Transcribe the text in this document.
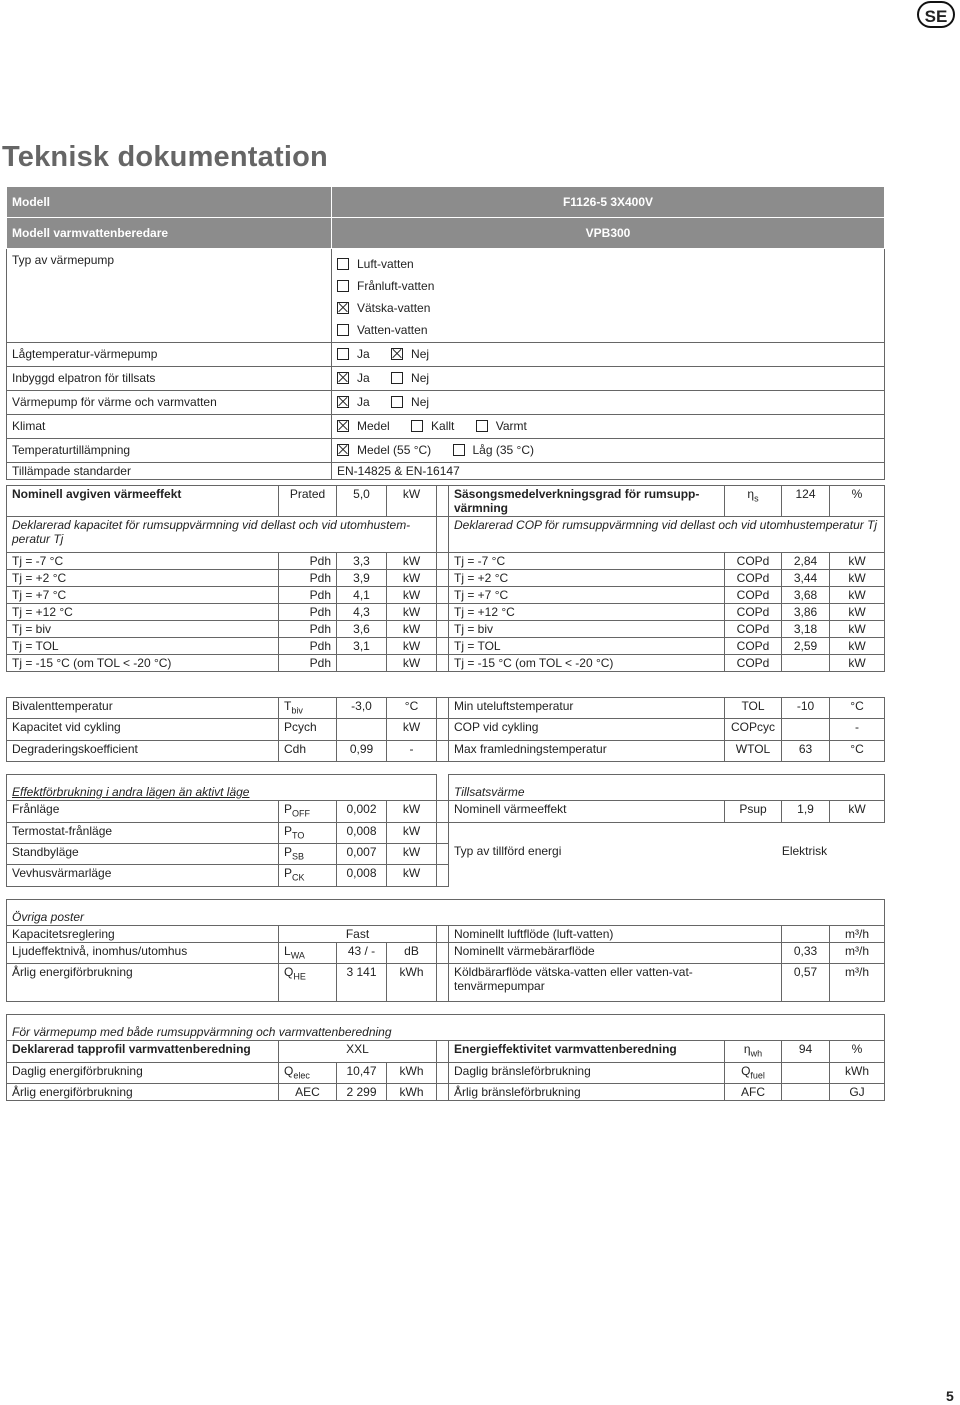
SE
Teknisk dokumentation
Modell	F1126-5 3X400V
Modell varmvattenberedare	VPB300
Typ av värmepump	Luft-vatten
Frånluft-vatten
Vätska-vatten
Vatten-vatten

Lågtemperatur-värmepump	Ja Nej
Inbyggd elpatron för tillsats	Ja Nej
Värmepump för värme och varmvatten	Ja Nej
Klimat	Medel Kallt Varmt
Temperaturtillämpning	Medel (55 °C) Låg (35 °C)
Tillämpade standarder	EN-14825 & EN-16147
Nominell avgiven värmeeffekt	Prated	5,0	kW		Säsongsmedelverkningsgrad för rumsupp-värmning	$\eta_s$	124	%
Deklarerad kapacitet för rumsuppvärmning vid dellast och vid utomhustem-peratur Tj					Deklarerad COP för rumsuppvärmning vid dellast och vid utomhustemperatur Tj			
Tj = -7 °C	Pdh	3,3	kW		Tj = -7 °C	COPd	2,84	kW
Tj = +2 °C	Pdh	3,9	kW		Tj = +2 °C	COPd	3,44	kW
Tj = +7 °C	Pdh	4,1	kW		Tj = +7 °C	COPd	3,68	kW
Tj = +12 °C	Pdh	4,3	kW		Tj = +12 °C	COPd	3,86	kW
Tj = biv	Pdh	3,6	kW		Tj = biv	COPd	3,18	kW
Tj = TOL	Pdh	3,1	kW		Tj = TOL	COPd	2,59	kW
Tj = -15 °C (om TOL < -20 °C)	Pdh		kW		Tj = -15 °C (om TOL < -20 °C)	COPd		kW

Bivalenttemperatur	$T_{biv}$	-3,0	°C		Min uteluftstemperatur	TOL	-10	°C
Kapacitet vid cykling	Pcych		kW		COP vid cykling	COPcyc		-
Degraderingskoefficient	Cdh	0,99	-		Max framledningstemperatur	WTOL	63	°C

Effektförbrukning i andra lägen än aktivt läge					Tillsatsvärme			
Frånläge	$P_{OFF}$	0,002	kW		Nominell värmeeffekt	Psup	1,9	kW
Termostat-frånläge	$P_{TO}$	0,008	kW					
Standbyläge	$P_{SB}$	0,007	kW		Typ av tillförd energi	Elektrisk		
Vevhusvärmarläge	$P_{CK}$	0,008	kW					

Övriga poster								
Kapacitetsreglering	Fast				Nominellt luftflöde (luft-vatten)			m³/h
Ljudeffektnivå, inomhus/utomhus	$L_{WA}$	43 / -	dB		Nominellt värmebärarflöde		0,33	m³/h
Årlig energiförbrukning	$Q_{HE}$	3 141	kWh		Köldbärarflöde vätska-vatten eller vatten-vat-tenvärmepumpar		0,57	m³/h

För värmepump med både rumsuppvärmning och varmvattenberedning								
Deklarerad tapprofil varmvattenberedning	XXL				Energieffektivitet varmvattenberedning	$\eta_{wh}$	94	%
Daglig energiförbrukning	$Q_{elec}$	10,47	kWh		Daglig bränsleförbrukning	$Q_{fuel}$		kWh
Årlig energiförbrukning	AEC	2 299	kWh		Årlig bränsleförbrukning	AFC		GJ
5
